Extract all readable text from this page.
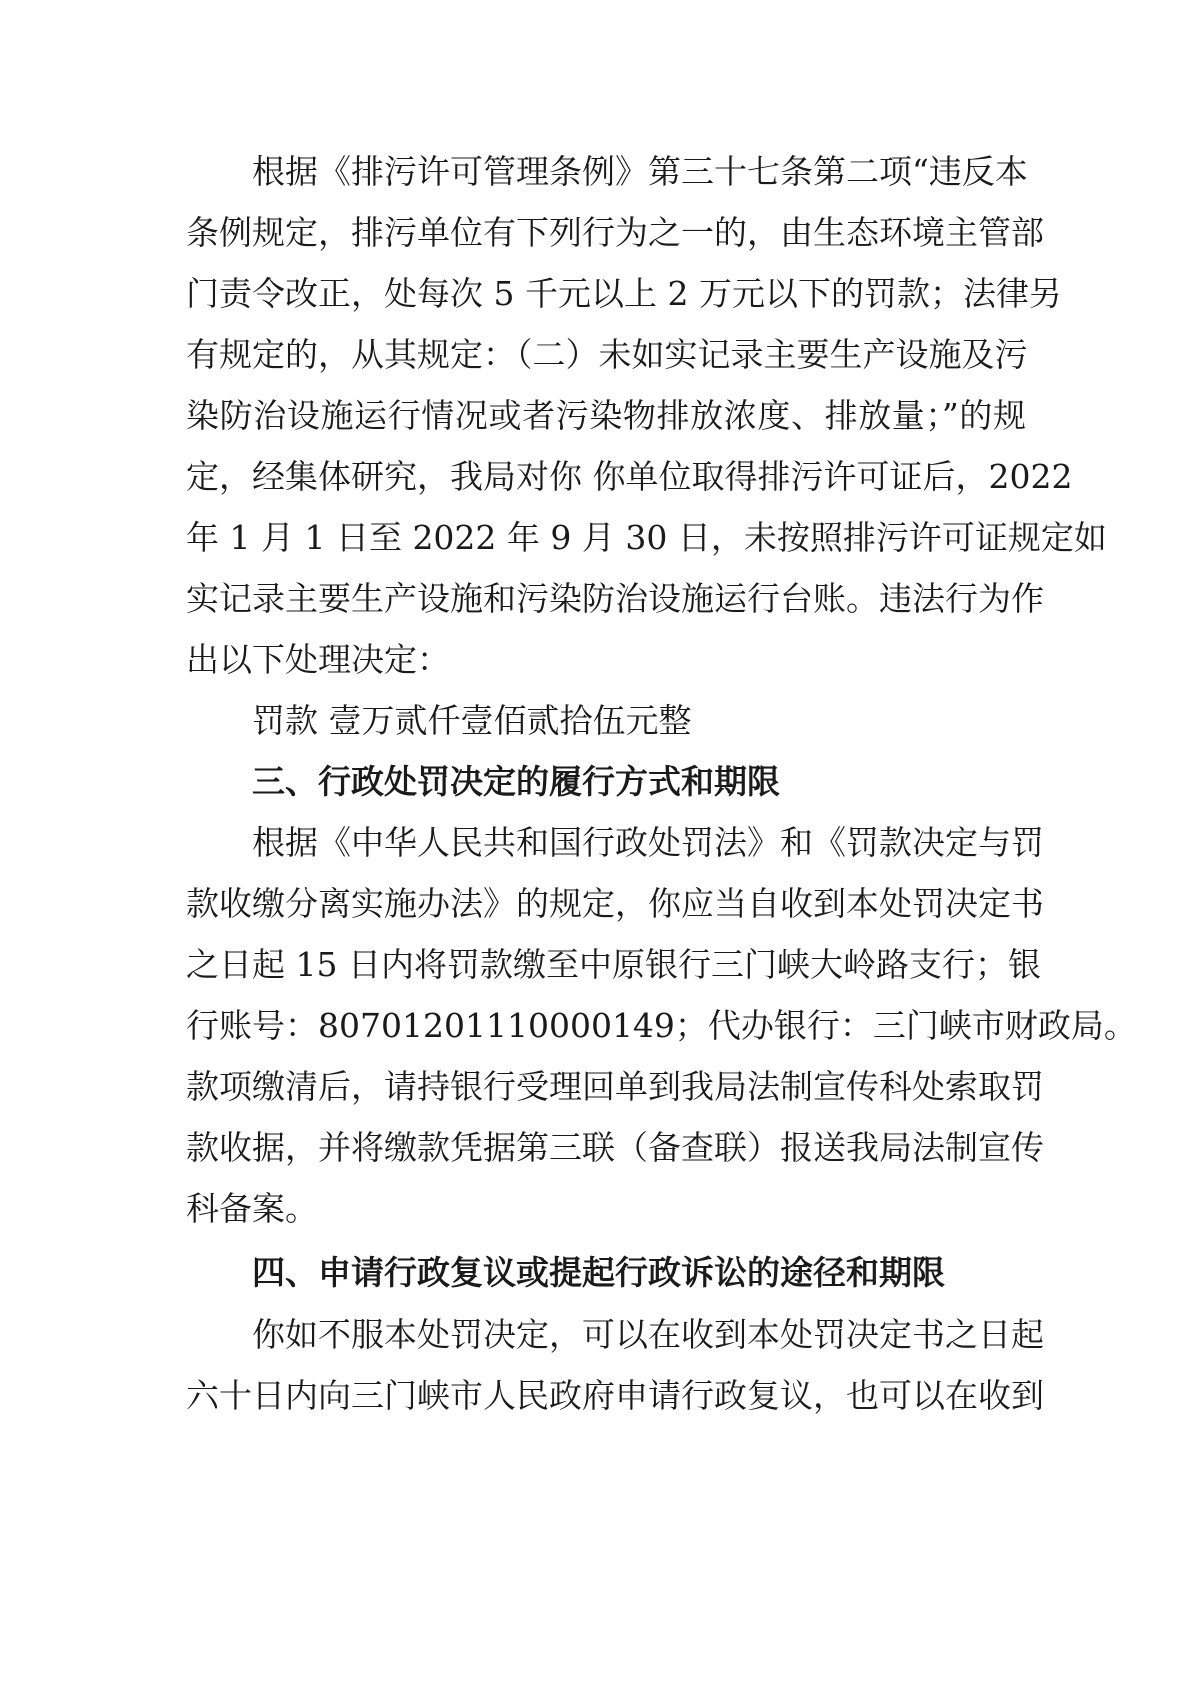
根据《排污许可管理条例》第三十七条第二项“违反本
条例规定，排污单位有下列行为之一的，由生态环境主管部
门责令改正，处每次 5 千元以上 2 万元以下的罚款；法律另
有规定的，从其规定：（二）未如实记录主要生产设施及污
染防治设施运行情况或者污染物排放浓度、排放量；”的规
定，经集体研究，我局对你 你单位取得排污许可证后，2022
年 1 月 1 日至 2022 年 9 月 30 日，未按照排污许可证规定如
实记录主要生产设施和污染防治设施运行台账。违法行为作
出以下处理决定：
罚款 壹万贰仟壹佰贰拾伍元整
三、行政处罚决定的履行方式和期限
根据《中华人民共和国行政处罚法》和《罚款决定与罚
款收缴分离实施办法》的规定，你应当自收到本处罚决定书
之日起 15 日内将罚款缴至中原银行三门峡大岭路支行；银
行账号：80701201110000149；代办银行：三门峡市财政局。
款项缴清后，请持银行受理回单到我局法制宣传科处索取罚
款收据，并将缴款凭据第三联（备查联）报送我局法制宣传
科备案。
四、申请行政复议或提起行政诉讼的途径和期限
你如不服本处罚决定，可以在收到本处罚决定书之日起
六十日内向三门峡市人民政府申请行政复议，也可以在收到
